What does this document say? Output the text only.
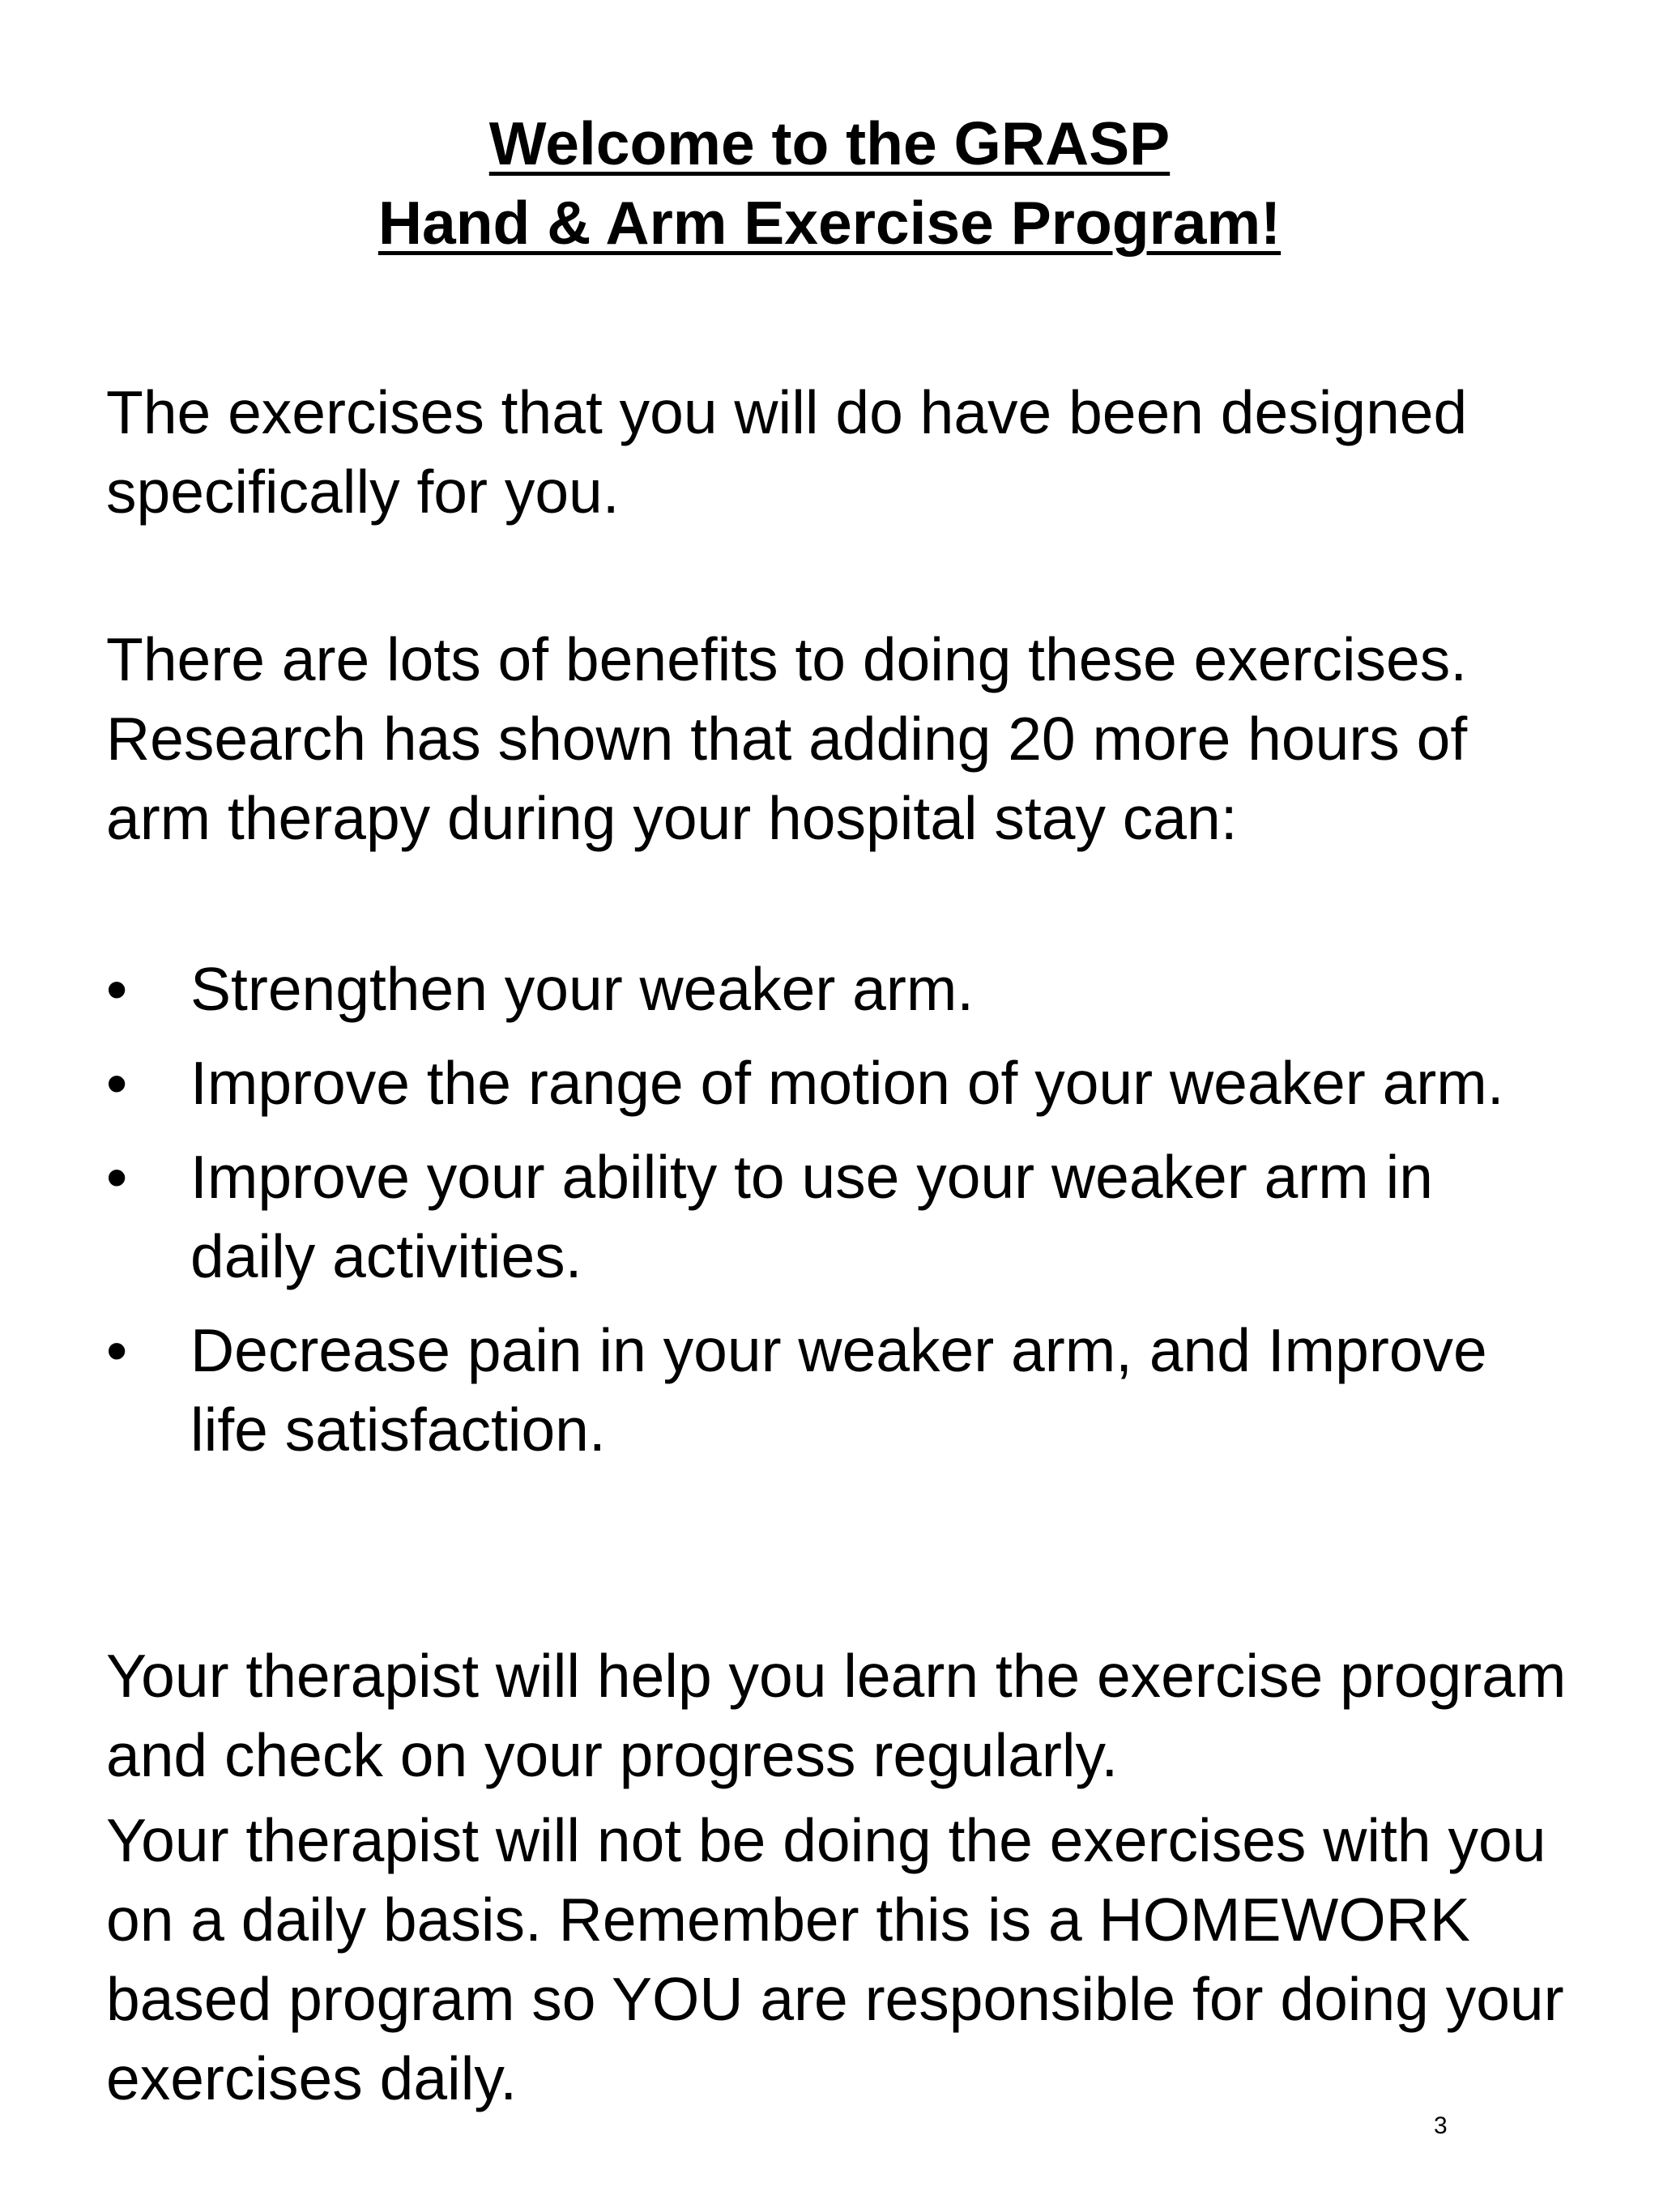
Welcome to the GRASP
Hand & Arm Exercise Program!

The exercises that you will do have been designed specifically for you.

There are lots of benefits to doing these exercises. Research has shown that adding 20 more hours of arm therapy during your hospital stay can:

• Strengthen your weaker arm.
• Improve the range of motion of your weaker arm.
• Improve your ability to use your weaker arm in daily activities.
• Decrease pain in your weaker arm, and Improve life satisfaction.

Your therapist will help you learn the exercise program and check on your progress regularly.

Your therapist will not be doing the exercises with you on a daily basis. Remember this is a HOMEWORK based program so YOU are responsible for doing your exercises daily.

3
